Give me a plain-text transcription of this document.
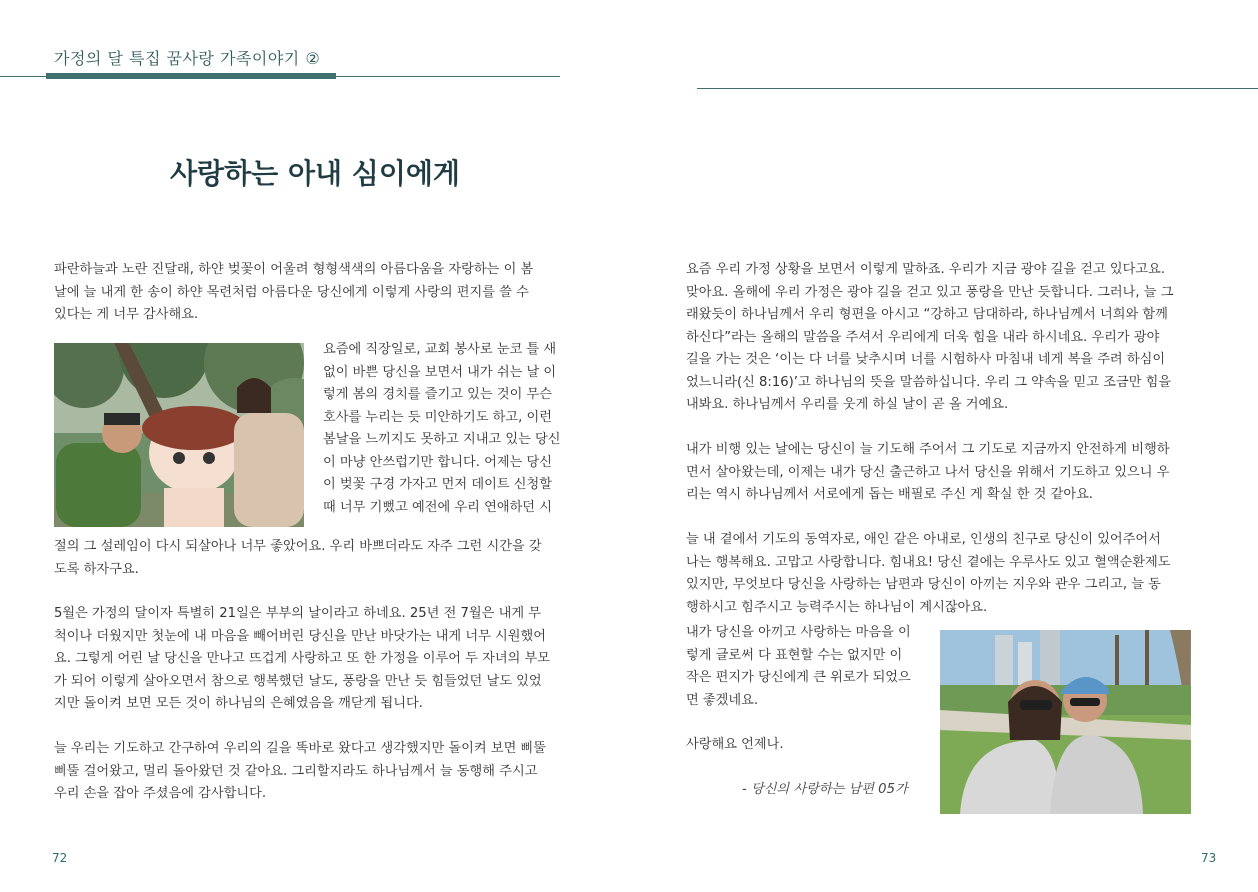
가정의 달 특집 꿈사랑 가족이야기 ②
사랑하는 아내 심이에게
파란하늘과 노란 진달래, 하얀 벚꽃이 어울려 형형색색의 아름다움을 자랑하는 이 봄
날에 늘 내게 한 송이 하얀 목련처럼 아름다운 당신에게 이렇게 사랑의 편지를 쓸 수
있다는 게 너무 감사해요.
요즘에 직장일로, 교회 봉사로 눈코 틀 새
없이 바쁜 당신을 보면서 내가 쉬는 날 이
렇게 봄의 경치를 즐기고 있는 것이 무슨
호사를 누리는 듯 미안하기도 하고, 이런
봄날을 느끼지도 못하고 지내고 있는 당신
이 마냥 안쓰럽기만 합니다. 어제는 당신
이 벚꽃 구경 가자고 먼저 데이트 신청할
때 너무 기뻤고 예전에 우리 연애하던 시
절의 그 설레임이 다시 되살아나 너무 좋았어요. 우리 바쁘더라도 자주 그런 시간을 갖
도록 하자구요.
5월은 가정의 달이자 특별히 21일은 부부의 날이라고 하네요. 25년 전 7월은 내게 무
척이나 더웠지만 첫눈에 내 마음을 빼어버린 당신을 만난 바닷가는 내게 너무 시원했어
요. 그렇게 어린 날 당신을 만나고 뜨겁게 사랑하고 또 한 가정을 이루어 두 자녀의 부모
가 되어 이렇게 살아오면서 참으로 행복했던 날도, 풍랑을 만난 듯 힘들었던 날도 있었
지만 돌이켜 보면 모든 것이 하나님의 은혜였음을 깨닫게 됩니다.
늘 우리는 기도하고 간구하여 우리의 길을 똑바로 왔다고 생각했지만 돌이켜 보면 삐뚤
삐뚤 걸어왔고, 멀리 돌아왔던 것 같아요. 그리할지라도 하나님께서 늘 동행해 주시고
우리 손을 잡아 주셨음에 감사합니다.
72
요즘 우리 가정 상황을 보면서 이렇게 말하죠. 우리가 지금 광야 길을 걷고 있다고요.
맞아요. 올해에 우리 가정은 광야 길을 걷고 있고 풍랑을 만난 듯합니다. 그러나, 늘 그
래왔듯이 하나님께서 우리 형편을 아시고 “강하고 담대하라, 하나님께서 너희와 함께
하신다”라는 올해의 말씀을 주셔서 우리에게 더욱 힘을 내라 하시네요. 우리가 광야
길을 가는 것은 ‘이는 다 너를 낮추시며 너를 시험하사 마침내 네게 복을 주려 하심이
었느니라(신 8:16)’고 하나님의 뜻을 말씀하십니다. 우리 그 약속을 믿고 조금만 힘을
내봐요. 하나님께서 우리를 웃게 하실 날이 곧 올 거예요.
내가 비행 있는 날에는 당신이 늘 기도해 주어서 그 기도로 지금까지 안전하게 비행하
면서 살아왔는데, 이제는 내가 당신 출근하고 나서 당신을 위해서 기도하고 있으니 우
리는 역시 하나님께서 서로에게 돕는 배필로 주신 게 확실 한 것 같아요.
늘 내 곁에서 기도의 동역자로, 애인 같은 아내로, 인생의 친구로 당신이 있어주어서
나는 행복해요. 고맙고 사랑합니다. 힘내요! 당신 곁에는 우루사도 있고 혈액순환제도
있지만, 무엇보다 당신을 사랑하는 남편과 당신이 아끼는 지우와 관우 그리고, 늘 동
행하시고 힘주시고 능력주시는 하나님이 계시잖아요.
내가 당신을 아끼고 사랑하는 마음을 이
렇게 글로써 다 표현할 수는 없지만 이
작은 편지가 당신에게 큰 위로가 되었으
면 좋겠네요.
사랑해요 언제나.
- 당신의 사랑하는 남편 05가
73
